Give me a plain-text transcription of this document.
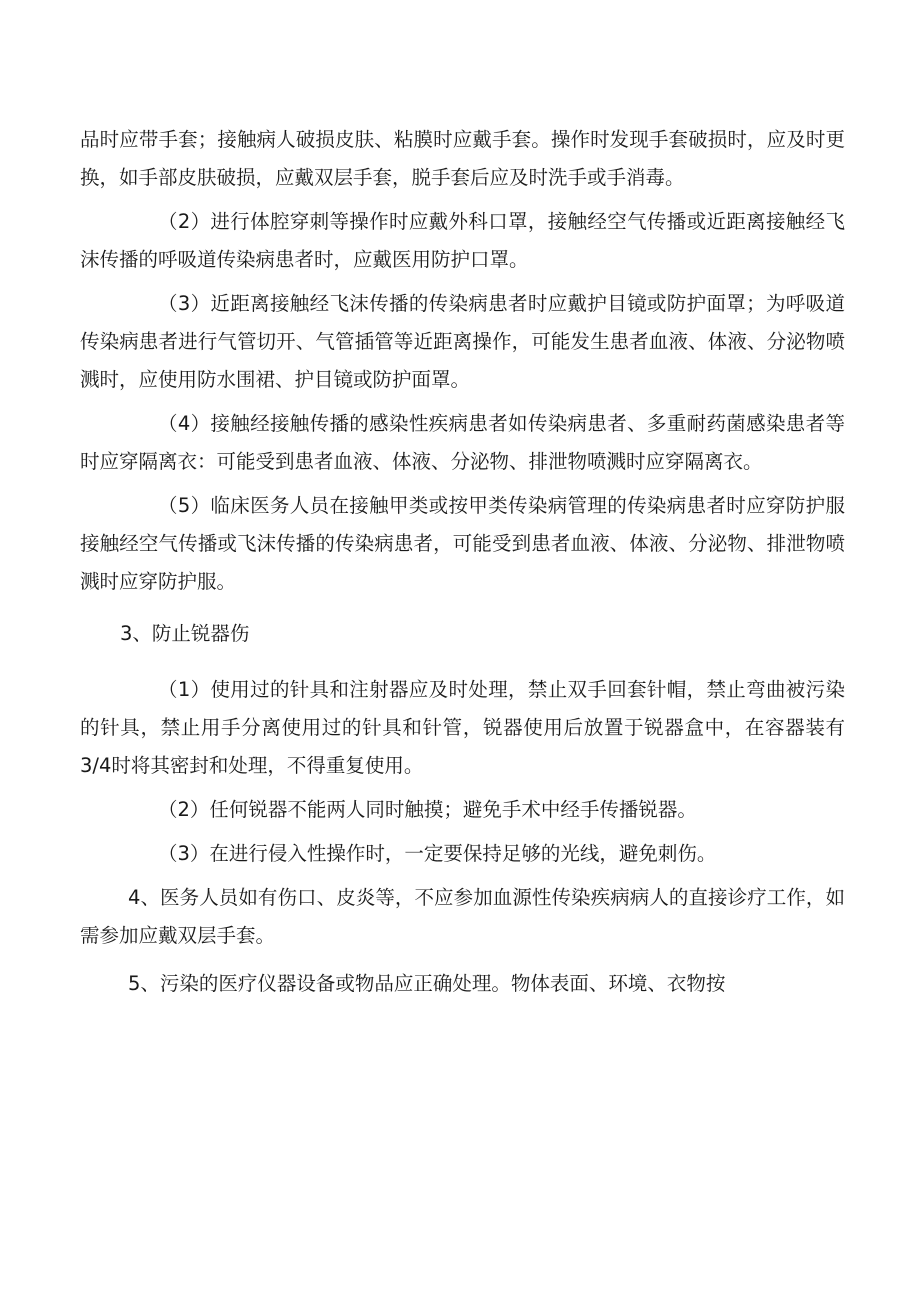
品时应带手套；接触病人破损皮肤、粘膜时应戴手套。操作时发现手套破损时，应及时更换，如手部皮肤破损，应戴双层手套，脱手套后应及时洗手或手消毒。

（2）进行体腔穿刺等操作时应戴外科口罩，接触经空气传播或近距离接触经飞沫传播的呼吸道传染病患者时，应戴医用防护口罩。

（3）近距离接触经飞沫传播的传染病患者时应戴护目镜或防护面罩；为呼吸道传染病患者进行气管切开、气管插管等近距离操作，可能发生患者血液、体液、分泌物喷溅时，应使用防水围裙、护目镜或防护面罩。

（4）接触经接触传播的感染性疾病患者如传染病患者、多重耐药菌感染患者等时应穿隔离衣：可能受到患者血液、体液、分泌物、排泄物喷溅时应穿隔离衣。

（5）临床医务人员在接触甲类或按甲类传染病管理的传染病患者时应穿防护服 接触经空气传播或飞沫传播的传染病患者，可能受到患者血液、体液、分泌物、排泄物喷溅时应穿防护服。

3、防止锐器伤

（1）使用过的针具和注射器应及时处理，禁止双手回套针帽，禁止弯曲被污染的针具，禁止用手分离使用过的针具和针管，锐器使用后放置于锐器盒中，在容器装有3/4时将其密封和处理，不得重复使用。

（2）任何锐器不能两人同时触摸；避免手术中经手传播锐器。

（3）在进行侵入性操作时，一定要保持足够的光线，避免刺伤。

4、医务人员如有伤口、皮炎等，不应参加血源性传染疾病病人的直接诊疗工作，如需参加应戴双层手套。

5、污染的医疗仪器设备或物品应正确处理。物体表面、环境、衣物按
